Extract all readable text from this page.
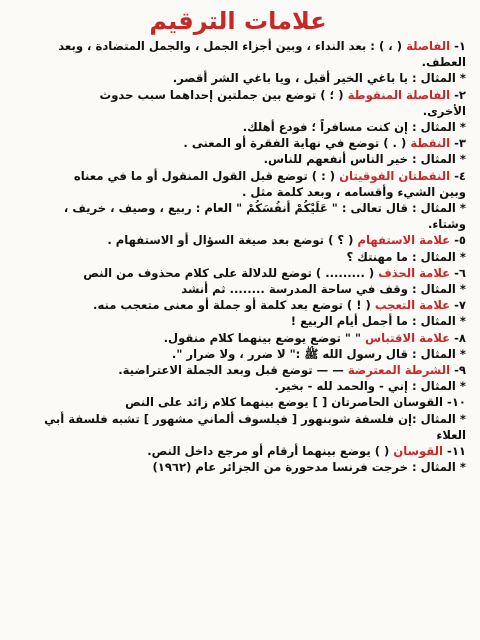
علامات الترقيم
١- الفاصلة ( ، ) : بعد النداء ، وبين أجزاء الجمل ، والجمل المتضادة ، وبعد
العطف.
* المثال : يا باغي الخير أقبل ، ويا باغي الشر أقصر.
٢- الفاصلة المنقوطة ( ؛ ) توضع بين جملتين إحداهما سبب حدوث
الأخرى.
* المثال : إن كنت مسافراً ؛ فودع أهلك.
٣- النقطة ( . ) توضع في نهاية الفقرة أو المعنى .
* المثال : خير الناس أنفعهم للناس.
٤- النقطتان الفوقيتان ( : ) توضع قبل القول المنقول أو ما في معناه
وبين الشيء وأقسامه ، وبعد كلمة مثل .
* المثال : قال تعالى : " عَلَيْكُمْ أَنفُسَكُمْ " العام : ربيع ، وصيف ، خريف ،
وشتاء.
٥- علامة الاستفهام ( ؟ ) توضع بعد صيغة السؤال أو الاستفهام .
* المثال : ما مهنتك ؟
٦- علامة الحذف ( ......... ) توضع للدلالة على كلام محذوف من النص
* المثال : وقف في ساحة المدرسة ........ ثم أنشد
٧- علامة التعجب ( ! ) توضع بعد كلمة أو جملة أو معنى متعجب منه.
* المثال : ما أجمل أيام الربيع !
٨- علامة الاقتباس " " توضع يوضع بينهما كلام منقول.
* المثال : قال رسول الله ﷺ :" لا ضرر ، ولا ضرار ".
٩- الشرطة المعترضة — — توضع قبل وبعد الجملة الاعتراضية.
* المثال : إني - والحمد لله - بخير.
١٠- القوسان الحاصرتان [ ] يوضع بينهما كلام زائد على النص
* المثال :إن فلسفة شوبنهور [ فيلسوف ألماني مشهور ] تشبه فلسفة أبي
العلاء
١١- القوسان ( ) يوضع بينهما أرقام أو مرجع داخل النص.
* المثال : خرجت فرنسا مدحورة من الجزائر عام (١٩٦٢)
